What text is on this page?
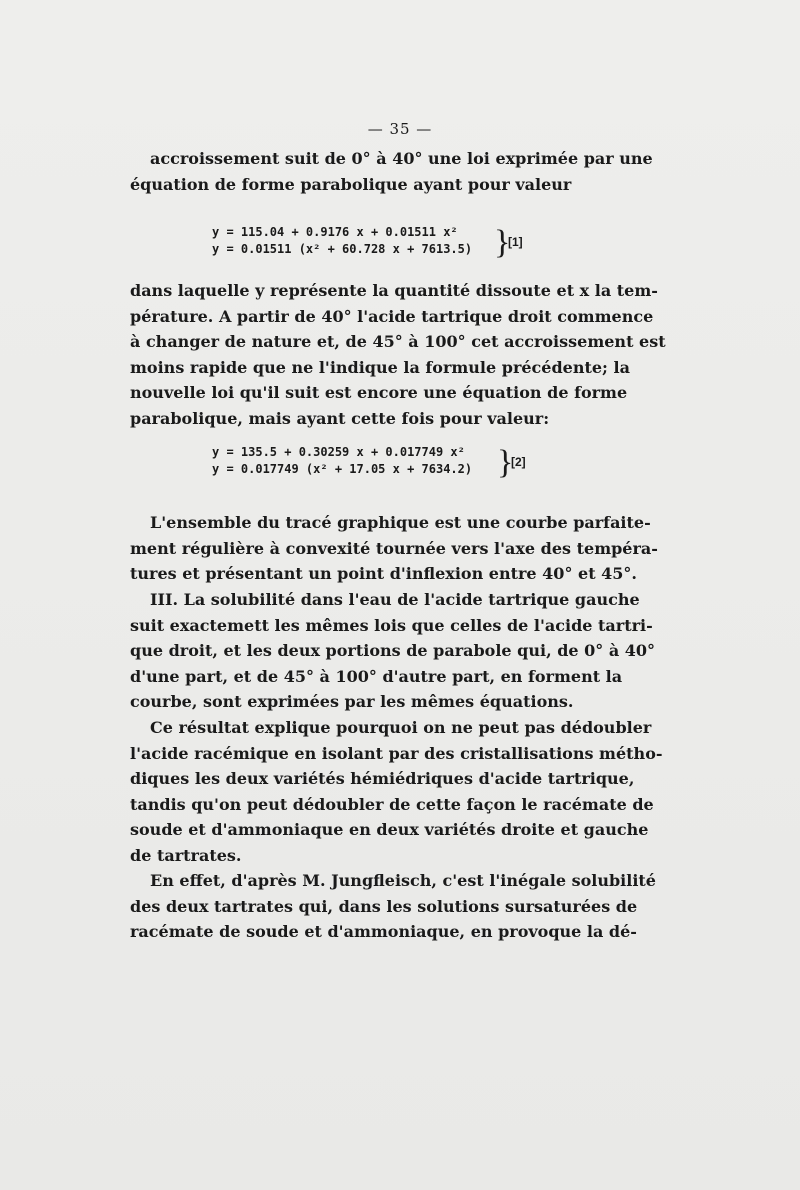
— 35 —
accroissement suit de 0° à 40° une loi exprimée par une
équation de forme parabolique ayant pour valeur
y = 115.04 + 0.9176 x + 0.01511 x²
y = 0.01511 (x² + 60.728 x + 7613.5) }
[1]
dans laquelle y représente la quantité dissoute et x la tem-
pérature. A partir de 40° l'acide tartrique droit commence
à changer de nature et, de 45° à 100° cet accroissement est
moins rapide que ne l'indique la formule précédente; la
nouvelle loi qu'il suit est encore une équation de forme
parabolique, mais ayant cette fois pour valeur:
y = 135.5 + 0.30259 x + 0.017749 x²
y = 0.017749 (x² + 17.05 x + 7634.2) }
[2]
L'ensemble du tracé graphique est une courbe parfaite-
ment régulière à convexité tournée vers l'axe des tempéra-
tures et présentant un point d'inflexion entre 40° et 45°.
III. La solubilité dans l'eau de l'acide tartrique gauche
suit exactemett les mêmes lois que celles de l'acide tartri-
que droit, et les deux portions de parabole qui, de 0° à 40°
d'une part, et de 45° à 100° d'autre part, en forment la
courbe, sont exprimées par les mêmes équations.
Ce résultat explique pourquoi on ne peut pas dédoubler
l'acide racémique en isolant par des cristallisations métho-
diques les deux variétés hémiédriques d'acide tartrique,
tandis qu'on peut dédoubler de cette façon le racémate de
soude et d'ammoniaque en deux variétés droite et gauche
de tartrates.
En effet, d'après M. Jungfleisch, c'est l'inégale solubilité
des deux tartrates qui, dans les solutions sursaturées de
racémate de soude et d'ammoniaque, en provoque la dé-
